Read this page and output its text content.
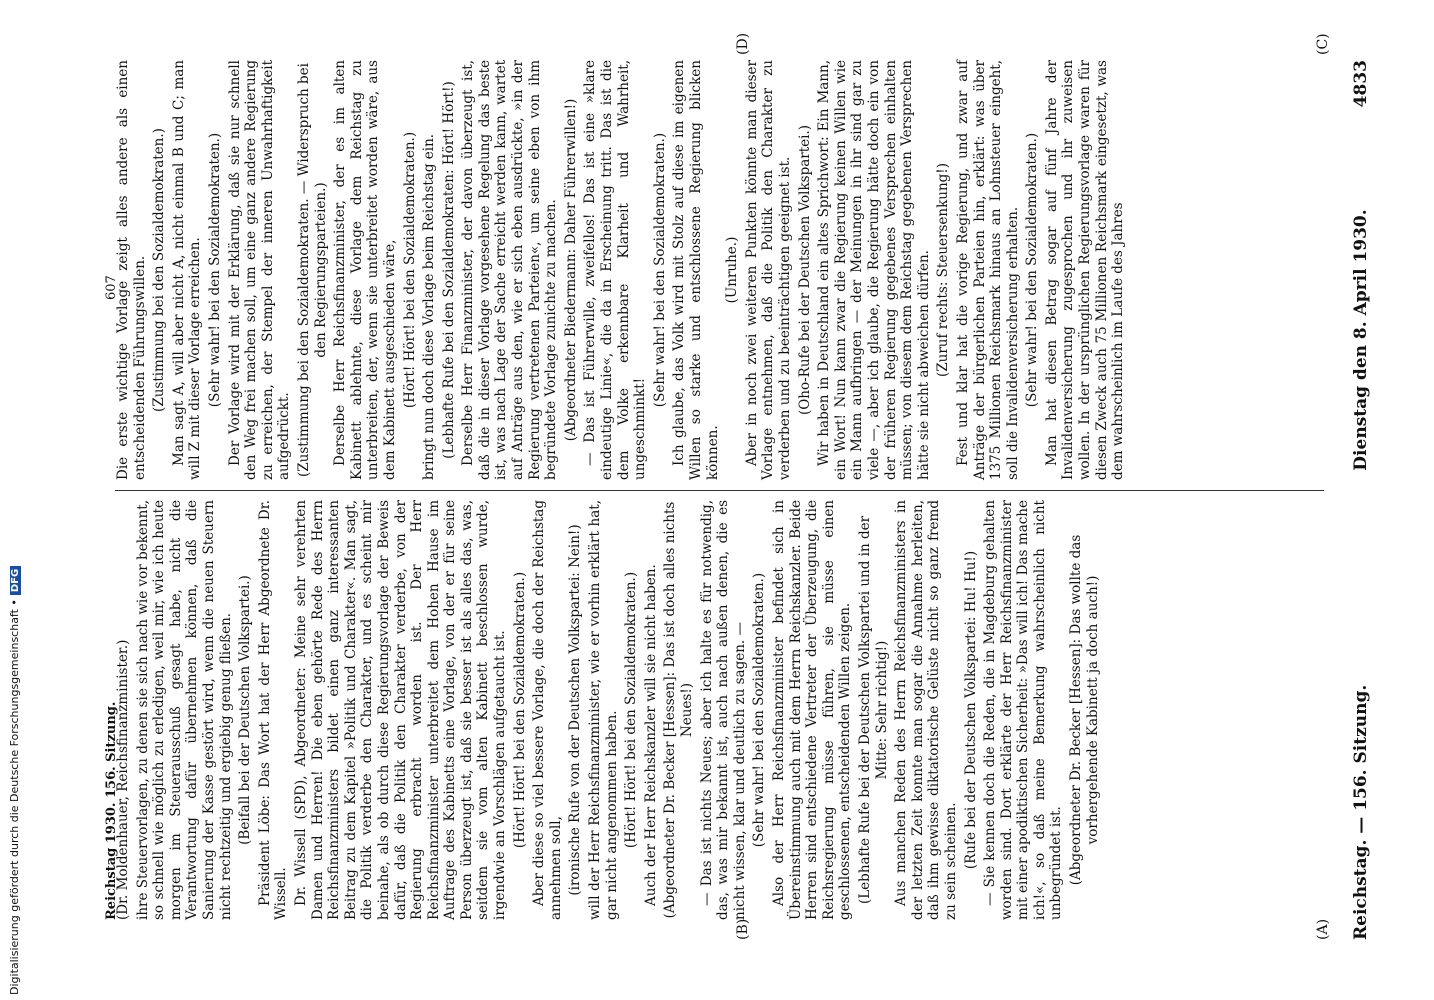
Reichstag. — 156. Sitzung.
Dienstag den 8. April 1930.
4833
(A)
(B)
(C)
(D)

(Dr. Moldenhauer, Reichsfinanzminister.) ihre Steuervorlagen, zu denen sie sich nach wie vor bekennt, so schnell wie möglich zu erledigen, weil mir, wie ich heute morgen im Steuerausschuß gesagt habe, nicht die Verantwortung dafür übernehmen können, daß die Sanierung der Kasse gestört wird, wenn die neuen Steuern nicht rechtzeitig und ergiebig genug fließen. (Beifall bei der Deutschen Volkspartei.) Präsident Löbe: Das Wort hat der Herr Abgeordnete Dr. Wissell. Dr. Wissell (SPD), Abgeordneter: Meine sehr verehrten Damen und Herren! Die eben gehörte Rede des Herrn Reichsfinanzministers bildet einen ganz interessanten Beitrag zu dem Kapitel »Politik und Charakter«. Man sagt, die Politik verderbe den Charakter, und es scheint mir beinahe, als ob durch diese Regierungsvorlage der Beweis dafür, daß die Politik den Charakter verderbe, von der Regierung erbracht worden ist. Der Herr Reichsfinanzminister unterbreitet dem Hohen Hause im Auftrage des Kabinetts eine Vorlage, von der er für seine Person überzeugt ist, daß sie besser ist als alles das, was, seitdem sie vom alten Kabinett beschlossen wurde, irgendwie an Vorschlägen aufgetaucht ist. (Hört! Hört! bei den Sozialdemokraten.) Aber diese so viel bessere Vorlage, die doch der Reichstag annehmen soll, (ironische Rufe von der Deutschen Volkspartei: Nein!) will der Herr Reichsfinanzminister, wie er vorhin erklärt hat, gar nicht angenommen haben. (Hört! Hört! bei den Sozialdemokraten.) Auch der Herr Reichskanzler will sie nicht haben. (Abgeordneter Dr. Becker [Hessen]: Das ist doch alles nichts Neues!) — Das ist nichts Neues; aber ich halte es für notwendig, das, was mir bekannt ist, auch nach außen denen, die es nicht wissen, klar und deutlich zu sagen. — (Sehr wahr! bei den Sozialdemokraten.) Also der Herr Reichsfinanzminister befindet sich in Übereinstimmung auch mit dem Herrn Reichskanzler. Beide Herren sind entschiedene Vertreter der Überzeugung, die Reichsregierung müsse führen, sie müsse einen geschlossenen, entscheidenden Willen zeigen. (Lebhafte Rufe bei der Deutschen Volkspartei und in der Mitte: Sehr richtig!) Aus manchen Reden des Herrn Reichsfinanzministers in der letzten Zeit konnte man sogar die Annahme herleiten, daß ihm gewisse diktatorische Gelüste nicht so ganz fremd zu sein scheinen. (Rufe bei der Deutschen Volkspartei: Hu! Hu!) — Sie kennen doch die Reden, die in Magdeburg gehalten worden sind. Dort erklärte der Herr Reichsfinanzminister mit einer apodiktischen Sicherheit: »Das will ich! Das mache ich!«, so daß meine Bemerkung wahrscheinlich nicht unbegründet ist. (Abgeordneter Dr. Becker [Hessen]: Das wollte das vorhergehende Kabinett ja doch auch!)

Die erste wichtige Vorlage zeigt alles andere als einen entscheidenden Führungswillen. (Zustimmung bei den Sozialdemokraten.) Man sagt A, will aber nicht A, nicht einmal B und C; man will Z mit dieser Vorlage erreichen. (Sehr wahr! bei den Sozialdemokraten.) Der Vorlage wird mit der Erklärung, daß sie nur schnell den Weg frei machen soll, um eine ganz andere Regierung zu erreichen, der Stempel der inneren Unwahrhaftigkeit aufgedrückt. (Zustimmung bei den Sozialdemokraten. — Widerspruch bei den Regierungsparteien.) Derselbe Herr Reichsfinanzminister, der es im alten Kabinett ablehnte, diese Vorlage dem Reichstag zu unterbreiten, der, wenn sie unterbreitet worden wäre, aus dem Kabinett ausgeschieden wäre, (Hört! Hört! bei den Sozialdemokraten.) bringt nun doch diese Vorlage beim Reichstag ein. (Lebhafte Rufe bei den Sozialdemokraten: Hört! Hört!) Derselbe Herr Finanzminister, der davon überzeugt ist, daß die in dieser Vorlage vorgesehene Regelung das beste ist, was nach Lage der Sache erreicht werden kann, wartet auf Anträge aus den, wie er sich eben ausdrückte, »in der Regierung vertretenen Parteien«, um seine eben von ihm begründete Vorlage zunichte zu machen. (Abgeordneter Biedermann: Daher Führerwillen!) — Das ist Führerwille, zweifellos! Das ist eine »klare eindeutige Linie«, die da in Erscheinung tritt. Das ist die dem Volke erkennbare Klarheit und Wahrheit, ungeschminkt!

(Sehr wahr! bei den Sozialdemokraten.) Ich glaube, das Volk wird mit Stolz auf diese im eigenen Willen so starke und entschlossene Regierung blicken können.

(Unruhe.) Aber in noch zwei weiteren Punkten könnte man dieser Vorlage entnehmen, daß die Politik den Charakter zu verderben und zu beeinträchtigen geeignet ist. (Oho-Rufe bei der Deutschen Volkspartei.) Wir haben in Deutschland ein altes Sprichwort: Ein Mann, ein Wort! Nun kann zwar die Regierung keinen Willen wie ein Mann aufbringen — der Meinungen in ihr sind gar zu viele —, aber ich glaube, die Regierung hätte doch ein von der früheren Regierung gegebenes Versprechen einhalten müssen; von diesem dem Reichstag gegebenen Versprechen hätte sie nicht abweichen dürfen. (Zuruf rechts: Steuersenkung!) Fest und klar hat die vorige Regierung, und zwar auf Anträge der bürgerlichen Parteien hin, erklärt: was über 1375 Millionen Reichsmark hinaus an Lohnsteuer eingeht, soll die Invalidenversicherung erhalten. (Sehr wahr! bei den Sozialdemokraten.) Man hat diesen Betrag sogar auf fünf Jahre der Invalidenversicherung zugesprochen und ihr zuweisen wollen. In der ursprünglichen Regierungsvorlage waren für diesen Zweck auch 75 Millionen Reichsmark eingesetzt, was dem wahrscheinlich im Laufe des Jahres

Reichstag 1930. 156. Sitzung.
607
Digitalisierung gefördert durch die Deutsche Forschungsgemeinschaft •DFG
